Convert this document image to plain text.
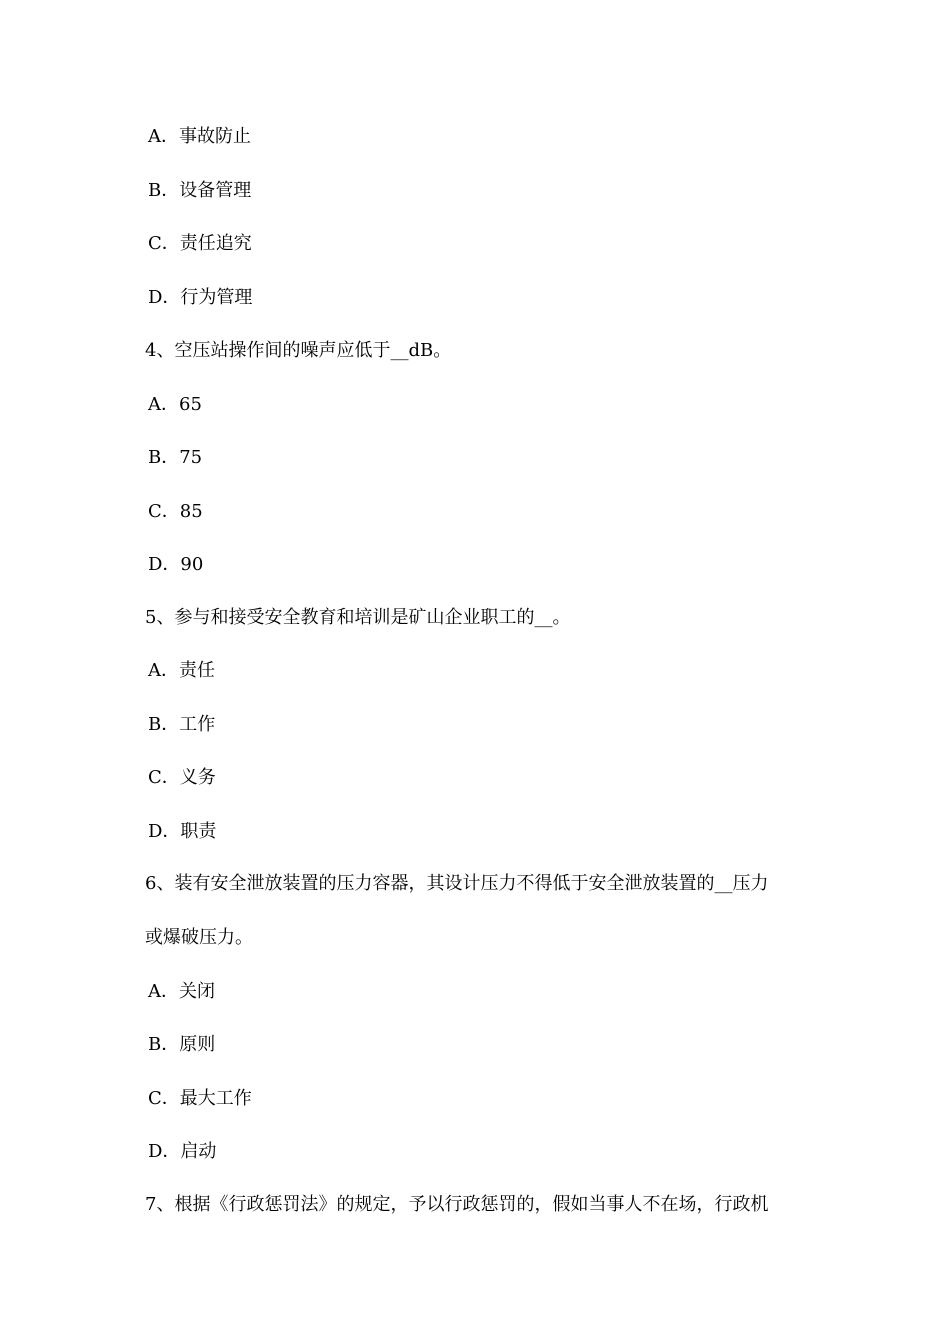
A．事故防止
B．设备管理
C．责任追究
D．行为管理
4、空压站操作间的噪声应低于__dB。
A．65
B．75
C．85
D．90
5、参与和接受安全教育和培训是矿山企业职工的__。
A．责任
B．工作
C．义务
D．职责
6、装有安全泄放装置的压力容器，其设计压力不得低于安全泄放装置的__压力
或爆破压力。
A．关闭
B．原则
C．最大工作
D．启动
7、根据《行政惩罚法》的规定，予以行政惩罚的，假如当事人不在场，行政机
